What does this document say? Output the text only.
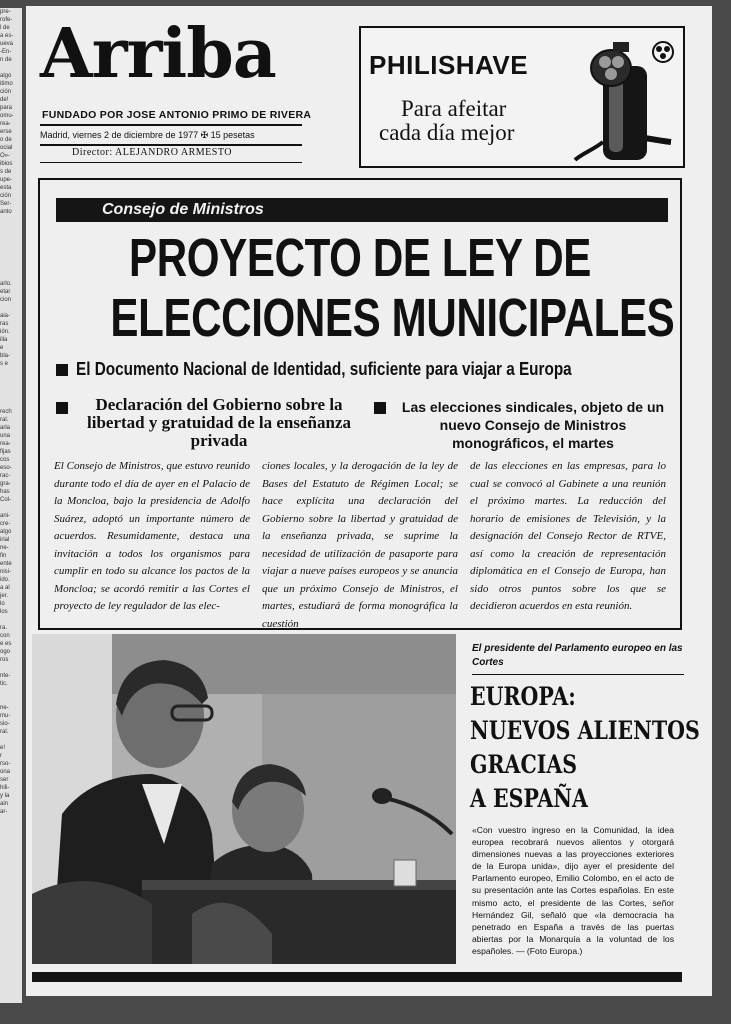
pre-
rofe-
l de
a es-
ueva
-En-
n de

algo
itimo
ción
de!
para
omu-
rea-
erse
o de
ocial
O»-
ibios
s de
upe-
esta
ción
Ser-
anto

arlo.
etar
cion

aia-
ras
ión.
illa
e
bla-
s e

rech
ral.
arla
una
rea-
fijas
cos
eso-
rac-
gra-
has
Col-

ani-
cre-
algo
irial
ne-
fin
ente
nisi-
ido.
a al
jer.
lo
los

ra.
con
e es
ogo
ros

nte-
tic.

ne-
mu-
sio-
ral.

e!
r
rso-
ona
ser
hili-
y la
ain
ar-
Arriba
FUNDADO POR JOSE ANTONIO PRIMO DE RIVERA
Madrid, viernes 2 de diciembre de 1977 ✠ 15 pesetas
Director: ALEJANDRO ARMESTO
PHILISHAVE
Para afeitar
cada día mejor
Consejo de Ministros
PROYECTO DE LEY DE
ELECCIONES MUNICIPALES
El Documento Nacional de Identidad, suficiente para viajar a Europa
Declaración del Gobierno sobre la libertad y gratuidad de la enseñanza privada
Las elecciones sindicales, objeto de un nuevo Consejo de Ministros monográficos, el martes
El Consejo de Ministros, que estuvo reunido durante todo el día de ayer en el Palacio de la Moncloa, bajo la presidencia de Adolfo Suárez, adoptó un importante número de acuerdos. Resumidamente, destaca una invitación a todos los organismos para cumplir en todo su alcance los pactos de la Moncloa; se acordó remitir a las Cortes el proyecto de ley regulador de las elec-
ciones locales, y la derogación de la ley de Bases del Estatuto de Régimen Local; se hace explícita una declaración del Gobierno sobre la libertad y gratuidad de la enseñanza privada, se suprime la necesidad de utilización de pasaporte para viajar a nueve países europeos y se anuncia que un próximo Consejo de Ministros, el martes, estudiará de forma monográfica la cuestión
de las elecciones en las empresas, para lo cual se convocó al Gabinete a una reunión el próximo martes. La reducción del horario de emisiones de Televisión, y la designación del Consejo Rector de RTVE, así como la creación de representación diplomática en el Consejo de Europa, han sido otros puntos sobre los que se decidieron acuerdos en esta reunión.
El presidente del Parlamento europeo en las Cortes
EUROPA:
NUEVOS ALIENTOS
GRACIAS
A ESPAÑA
«Con vuestro ingreso en la Comunidad, la idea europea recobrará nuevos alientos y otorgará dimensiones nuevas a las proyecciones exteriores de la Europa unida», dijo ayer el presidente del Parlamento europeo, Emilio Colombo, en el acto de su presentación ante las Cortes españolas. En este mismo acto, el presidente de las Cortes, señor Hernández Gil, señaló que «la democracia ha penetrado en España a través de las puertas abiertas por la Monarquía a la voluntad de los españoles. — (Foto Europa.)
